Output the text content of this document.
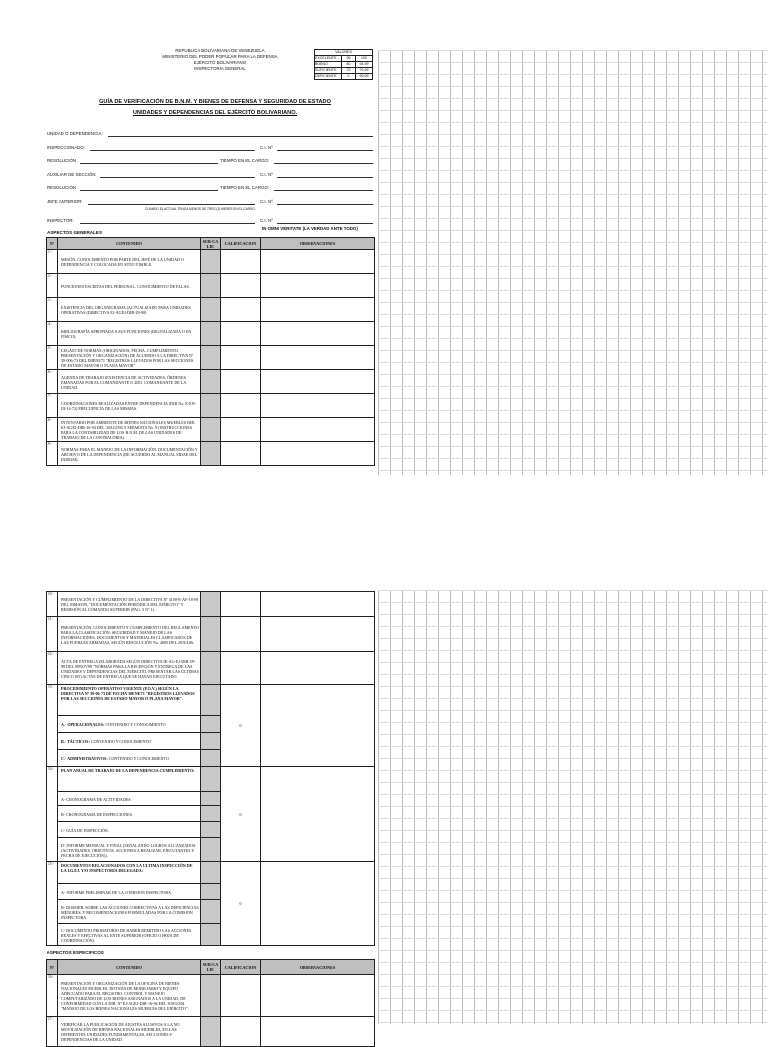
REPUBLICA BOLIVARIANA DE VENEZUELA
MINISTERIO DEL PODER POPULAR PARA LA DEFENSA
EJÉRCITO BOLIVARIANO
INSPECTORIA GENERAL
VALORES		
EXCELENTE	95	100
BUENO	80	94,99
SUFICIENTE	70	79,99
DEFICIENTE	0	69,99
GUÍA DE VERIFICACIÓN DE B.N.M. Y BIENES DE DEFENSA Y SEGURIDAD DE ESTADO
UNIDADES Y DEPENDENCIAS DEL EJÉRCITO BOLIVARIANO.
UNIDAD O DEPENDENCIA:
INSPECCIONADO:	C.I. Nº
RESOLUCIÓN	TIEMPO EN EL CARGO:
AUXILIAR DE SECCIÓN	C.I. Nº
RESOLUCIÓN	TIEMPO EN EL CARGO:
JEFE ANTERIOR:	C.I. Nº
CUANDO EL ACTUAL TENGA MENOS DE TRES (3) MESES EN EL CARGO.
INSPECTOR:	C.I. Nº
IN OMNI VERITATE (LA VERDAD ANTE TODO)
ASPECTOS GENERALES
Nº	CONTENIDO	SUB-CA LIF.	CALIFICACION	OBSERVACIONES
1.-	MESÓN, CONOCIMIENTO POR PARTE DEL JEFE DE LA UNIDAD O DEPENDENCIA Y COLOCADA EN SITIO VISIBLE.			
2.-	FUNCIONES ESCRITAS DEL PERSONAL, CONOCIMIENTO DE ELLAS.			
3.-	EXISTENCIA DEL ORGANIGRAMA (ACTUALIZADO PARA UNIDADES OPERATIVAS (DIRECTIVA EJ-AGEJ-DIR-29-00)			
4.-	BIBLIOGRAFÍA APROPIADA A SUS FUNCIONES (DIGITALIZADA O EN FÍSICO).			
5.-	LEGAJO DE NORMAS (ORIGINADOS, FECHA, CUMPLIMIENTO, PRESENTACIÓN Y ORGANIZACIÓN) DE ACUERDO A LA DIRECTIVA Nº 39-006-73 DEL IMENE71 "REGISTROS LLEVADOS POR LAS SECCIONES DE ESTADO MAYOR O PLANA MAYOR"			
6.-	AGENDA DE TRABAJO (EXISTENCIA DE ACTIVIDADES, ÓRDENES EMANADAS POR EL COMANDANTE O 2DO. COMANDANTE DE LA UNIDAD.			
7.-	COORDINACIONES REALIZADAS ENTRE DEPENDENCIA (DIR No. E-EN-III-14-72) FRECUENCIA DE LAS MISMAS.			
8.-	INVENTARIO POR AMBIENTE DE BIENES NACIONALES MUEBLES DIR. EJ-AGEJ-DIR-16-94 DEL 30AGO94 Y SEPARATA No. 9 (INSTRUCCIONES PARA LA CONTABILIDAD DE LOS B.N.M. DE LAS UNIDADES DE TRABAJO DE LA CONTRALORIA).			
9.-	NORMAS PARA EL MANEJO DE LA INFORMACIÓN, DOCUMENTACIÓN Y ARCHIVO DE LA DEPENDENCIA (DE ACUERDO AL MANUAL SIDAE DEL INDEJM).			
10.-	PRESENTACIÓN Y CUMPLIMIENTO DE LA DIRECTIVA Nº 3100-E-AF-18-09 DEL 03MAY09, "DOCUMENTACIÓN PERIÓDICA DEL EJÉRCITO" Y REMISIÓN AL COMANDO SUPERIOR (PAG. 5 Nº 1).			
11.-	PRESENTACIÓN, CONOCIMIENTO Y CUMPLIMIENTO DEL REGLAMENTO PARA LA CLASIFICACIÓN, SEGURIDAD Y MANEJO DE LAS INFORMACIONES, DOCUMENTOS Y MATERIALES CLASIFICADOS DE LAS FUERZAS ARMADAS, SEGÚN RESOLUCIÓN No. 4005 DEL 29JUL86.			
12.-	ACTA DE ENTREGA (ELABORADA SEGÚN DIRECTIVA IE-AG-EJ-DIR-59-98 DEL 09NOV99 "NORMAS PARA LA RECEPCIÓN Y ENTREGA DE LAS UNIDADES Y DEPENDENCIAS DEL EJÉRCITO, PRESENTAR LAS ÚLTIMAS CINCO (05) ACTAS DE ENTREGA QUE SE HAYAN EJECUTADO.			
13.-	PROCEDIMIENTO OPERATIVO VIGENTE (P.O.V.) SEGÚN LA DIRECTIVA Nº 39-06-73 DE FECHA 30ENE73 "REGISTROS LLEVADOS POR LAS SECCIONES DE ESTADO MAYOR O PLANA MAYOR".		0	
	A.- OPERACIONALES: CONTENIDO Y CONOCIMIENTO			
	B.- TÁCTICOS: CONTENIDO Y CONOCIMIENTO			
	C.- ADMINISTRATIVOS: CONTENIDO Y CONOCIMIENTO			
14.-	PLAN ANUAL DE TRABAJO DE LA DEPENDENCIA CUMPLIMIENTO:		0	
	A- CRONOGRAMA DE ACTIVIDADES.			
	B- CRONOGRAMA DE INSPECCIONES.			
	C- GUÍA DE INSPECCIÓN.			
	D- INFORME MENSUAL Y FINAL (SEÑALANDO LOGROS ALCANZADOS (ACTIVIDADES, OBJETIVOS, ACCIONES A REALIZAR, EJECUTANTES Y FECHA DE EJECUCIÓN)).			
15.-	DOCUMENTOS RELACIONADOS CON LA ULTIMA INSPECCIÓN DE LA I.G.EJ. Y/O INSPECTORIA DELEGADA:		0	
	A- INFORME PRELIMINAR DE LA COMISION INSPECTORA.			
	B- DOSSIER, SOBRE LAS ACCIONES CORRECTIVAS A LAS DEFICIENCIAS MENORES, Y RECOMENDACIONES FORMULADAS POR LA COMISION INSPECTORA.			
	C- DOCUMENTO PROBATORIO DE HABER REMITIDO LAS ACCIONES REALES Y EFECTIVAS AL ENTE SUPERIOR (OFICIO O HOJA DE COORDINACIÓN).			
ASPECTOS ESPECIFICOS				
Nº	CONTENIDO	SUB-CA LIF.	CALIFICACION	OBSERVACIONES
16.-	PRESENTACION Y ORGANIZACIÓN DE LA OFICINA DE BIENES NACIONALES MUEBLES, DOTADA DE MOBILIARIO Y EQUIPO ADECUADO PARA EL REGISTRO, CONTROL Y MANEJO COMPUTARIZADO DE LOS BIENES ASIGNADOS A LA UNIDAD; DE CONFORMIDAD CON LA DIR. Nº EJ-AGEJ-DIR-16-94 DEL 30AGO94 "MANEJO DE LOS BIENES NACIONALES MUEBLES DEL EJÉRCITO".			
17.-	VERIFICAR LA PUBLICACIÓN DE AJUSTES ALUSIVOS A LA NO MOVILIZACIÓN DE BIENES NACIONALES MUEBLES, EN LAS DIFERENTES UNIDADES FUNDAMENTALES, SECCIONES Y DEPENDENCIAS DE LA UNIDAD.			
